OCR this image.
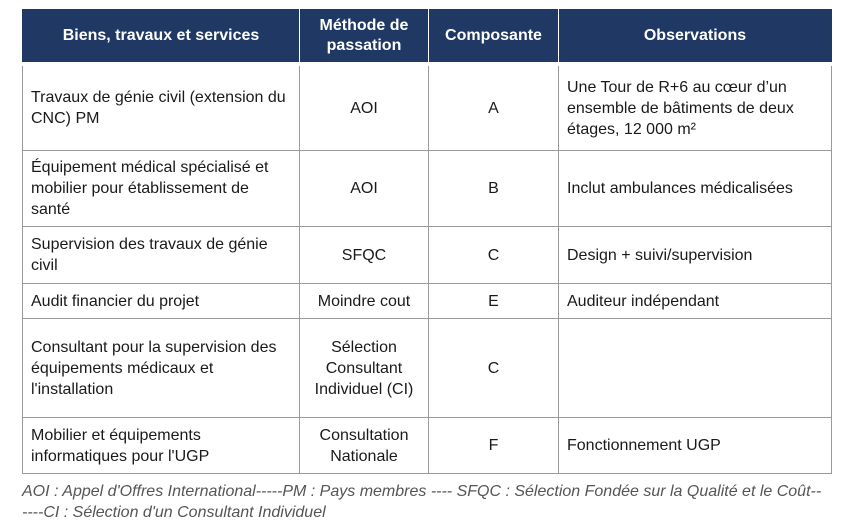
Biens, travaux et services	Méthode de passation	Composante	Observations
Travaux de génie civil (extension du CNC) PM	AOI	A	Une Tour de R+6 au cœur d’un ensemble de bâtiments de deux étages, 12 000 m²
Équipement médical spécialisé et mobilier pour établissement de santé	AOI	B	Inclut ambulances médicalisées
Supervision des travaux de génie civil	SFQC	C	Design + suivi/supervision
Audit financier du projet	Moindre cout	E	Auditeur indépendant
Consultant pour la supervision des équipements médicaux et l'installation	Sélection Consultant Individuel (CI)	C	
Mobilier et équipements informatiques pour l'UGP	Consultation Nationale	F	Fonctionnement UGP
AOI : Appel d'Offres International-----PM : Pays membres ---- SFQC : Sélection Fondée sur la Qualité et le Coût------CI : Sélection d'un Consultant Individuel
